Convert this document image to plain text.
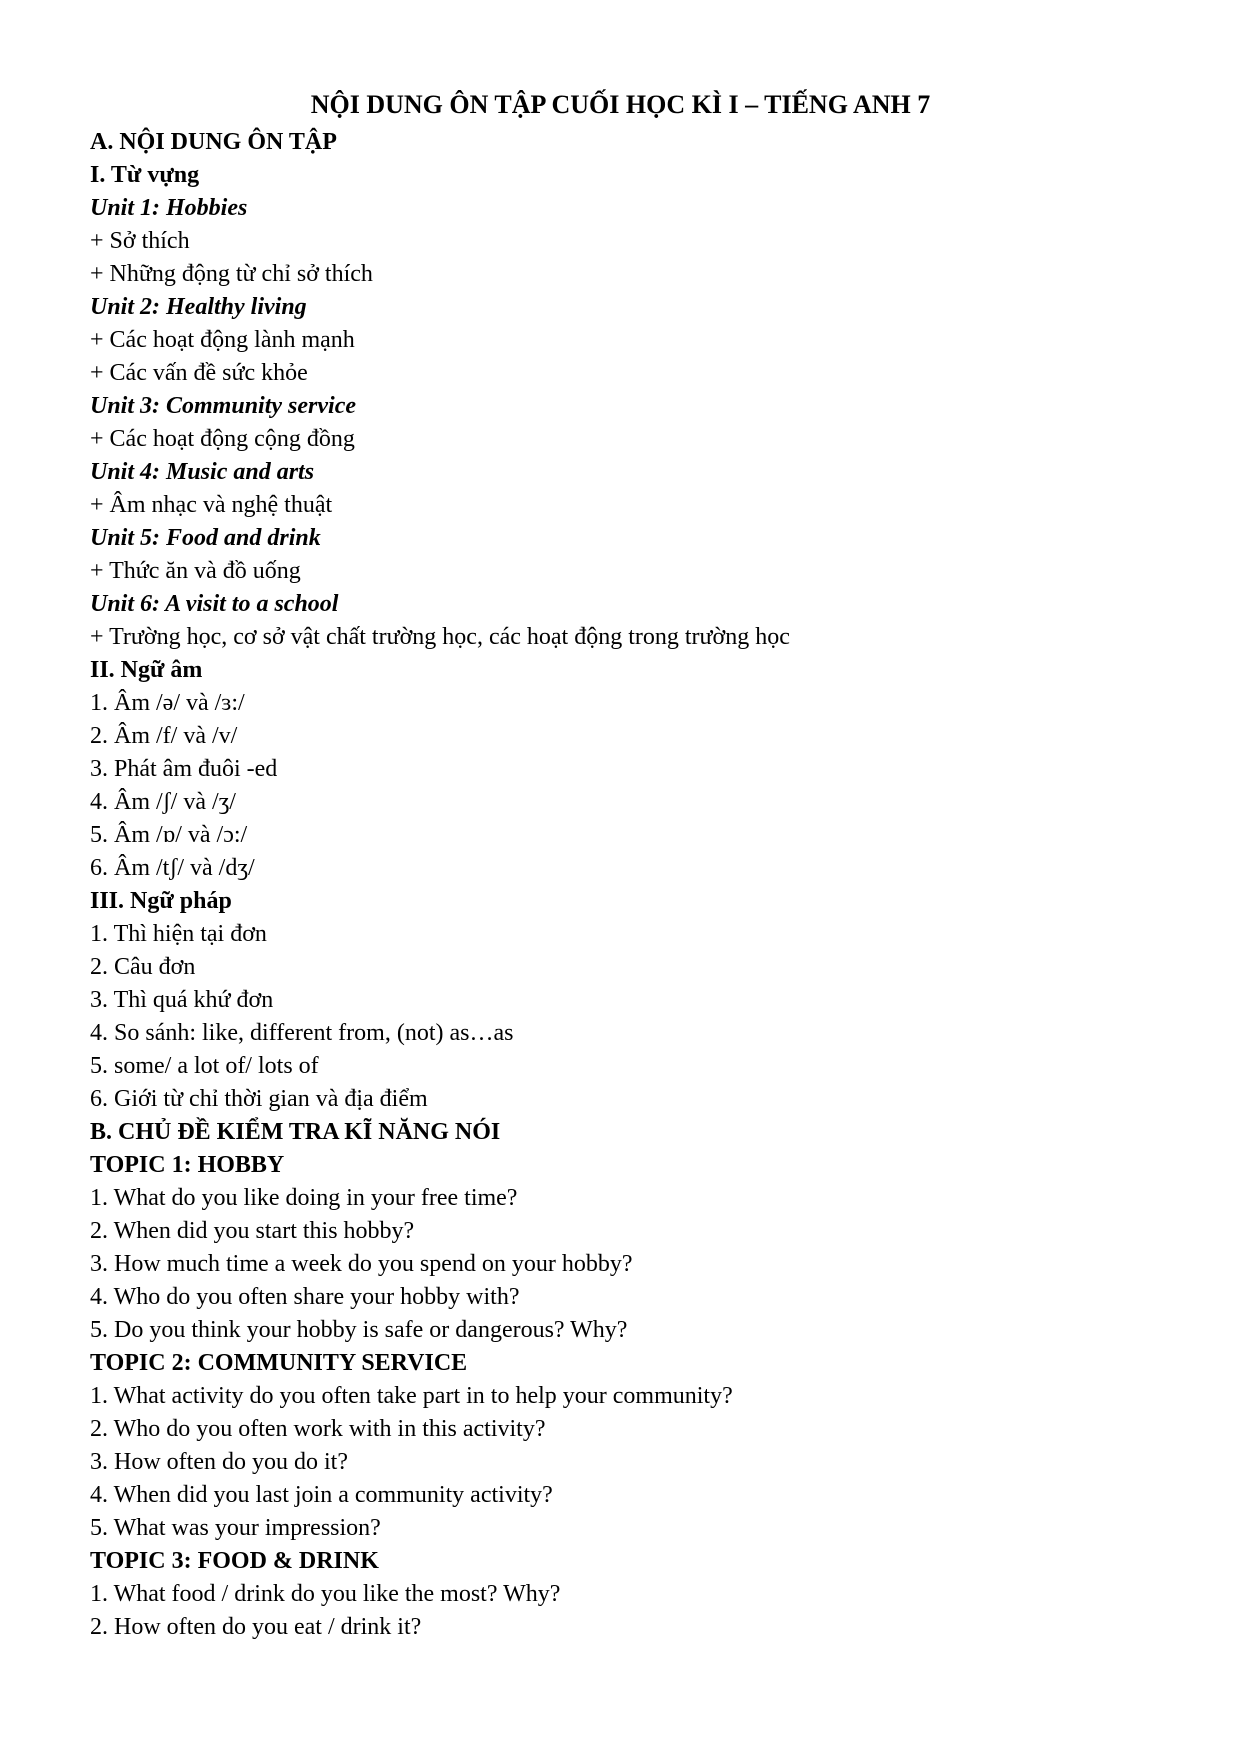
NỘI DUNG ÔN TẬP CUỐI HỌC KÌ I – TIẾNG ANH 7
A. NỘI DUNG ÔN TẬP
I. Từ vựng
Unit 1: Hobbies
+ Sở thích
+ Những động từ chỉ sở thích
Unit 2: Healthy living
+ Các hoạt động lành mạnh
+ Các vấn đề sức khỏe
Unit 3: Community service
+ Các hoạt động cộng đồng
Unit 4: Music and arts
+ Âm nhạc và nghệ thuật
Unit 5: Food and drink
+ Thức ăn và đồ uống
Unit 6: A visit to a school
+ Trường học, cơ sở vật chất trường học, các hoạt động trong trường học
II. Ngữ âm
1. Âm /ə/ và /ɜ:/
2. Âm /f/ và /v/
3. Phát âm đuôi -ed
4. Âm /ʃ/ và /ʒ/
5. Âm /ɒ/ và /ɔ:/
6. Âm /tʃ/ và /dʒ/
III. Ngữ pháp
1. Thì hiện tại đơn
2. Câu đơn
3. Thì quá khứ đơn
4. So sánh: like, different from, (not) as…as
5. some/ a lot of/ lots of
6. Giới từ chỉ thời gian và địa điểm
B. CHỦ ĐỀ KIỂM TRA KĨ NĂNG NÓI
TOPIC 1: HOBBY
1. What do you like doing in your free time?
2. When did you start this hobby?
3. How much time a week do you spend on your hobby?
4. Who do you often share your hobby with?
5. Do you think your hobby is safe or dangerous? Why?
TOPIC 2: COMMUNITY SERVICE
1. What activity do you often take part in to help your community?
2. Who do you often work with in this activity?
3. How often do you do it?
4. When did you last join a community activity?
5. What was your impression?
TOPIC 3: FOOD & DRINK
1. What food / drink do you like the most? Why?
2. How often do you eat / drink it?
